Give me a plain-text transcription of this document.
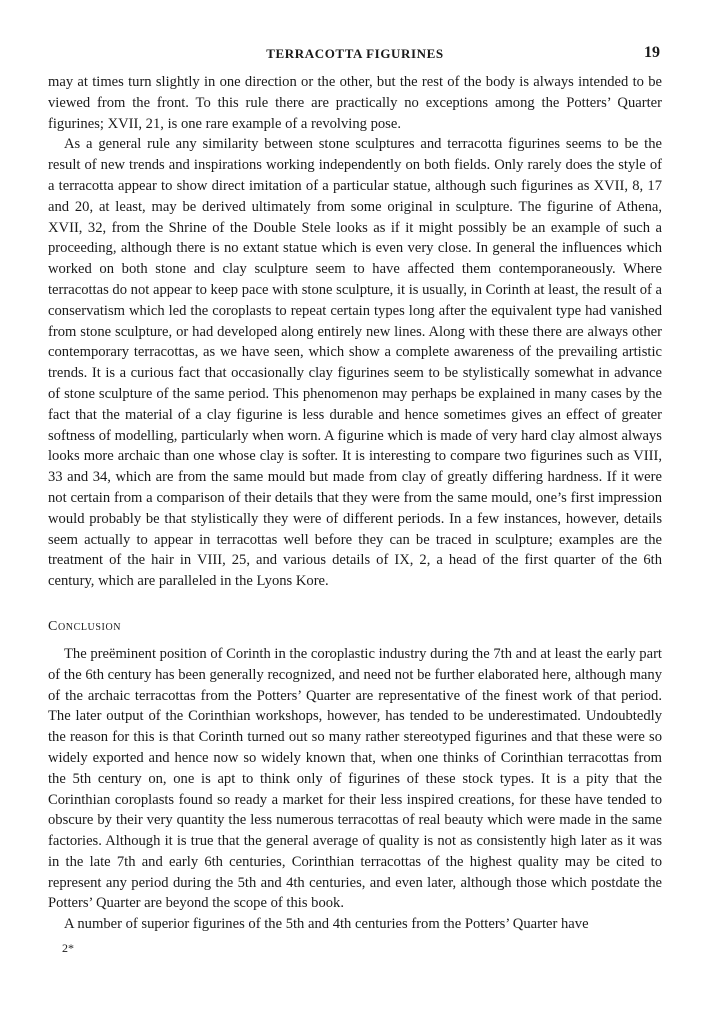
TERRACOTTA FIGURINES	19

may at times turn slightly in one direction or the other, but the rest of the body is always intended to be viewed from the front. To this rule there are practically no exceptions among the Potters’ Quarter figurines; XVII, 21, is one rare example of a revolving pose.

As a general rule any similarity between stone sculptures and terracotta figurines seems to be the result of new trends and inspirations working independently on both fields. Only rarely does the style of a terracotta appear to show direct imitation of a particular statue, although such figurines as XVII, 8, 17 and 20, at least, may be derived ultimately from some original in sculpture. The figurine of Athena, XVII, 32, from the Shrine of the Double Stele looks as if it might possibly be an example of such a proceeding, although there is no extant statue which is even very close. In general the influences which worked on both stone and clay sculpture seem to have affected them contemporaneously. Where terracottas do not appear to keep pace with stone sculpture, it is usually, in Corinth at least, the result of a conservatism which led the coroplasts to repeat certain types long after the equivalent type had vanished from stone sculpture, or had developed along entirely new lines. Along with these there are always other contemporary terracottas, as we have seen, which show a complete awareness of the prevailing artistic trends. It is a curious fact that occasionally clay figurines seem to be stylistically somewhat in advance of stone sculpture of the same period. This phenomenon may perhaps be explained in many cases by the fact that the material of a clay figurine is less durable and hence sometimes gives an effect of greater softness of modelling, particularly when worn. A figurine which is made of very hard clay almost always looks more archaic than one whose clay is softer. It is interesting to compare two figurines such as VIII, 33 and 34, which are from the same mould but made from clay of greatly differing hardness. If it were not certain from a comparison of their details that they were from the same mould, one’s first impression would probably be that stylistically they were of different periods. In a few instances, however, details seem actually to appear in terracottas well before they can be traced in sculpture; examples are the treatment of the hair in VIII, 25, and various details of IX, 2, a head of the first quarter of the 6th century, which are paralleled in the Lyons Kore.

Conclusion

The preëminent position of Corinth in the coroplastic industry during the 7th and at least the early part of the 6th century has been generally recognized, and need not be further elaborated here, although many of the archaic terracottas from the Potters’ Quarter are representative of the finest work of that period. The later output of the Corinthian workshops, however, has tended to be underestimated. Undoubtedly the reason for this is that Corinth turned out so many rather stereotyped figurines and that these were so widely exported and hence now so widely known that, when one thinks of Corinthian terracottas from the 5th century on, one is apt to think only of figurines of these stock types. It is a pity that the Corinthian coroplasts found so ready a market for their less inspired creations, for these have tended to obscure by their very quantity the less numerous terracottas of real beauty which were made in the same factories. Although it is true that the general average of quality is not as consistently high later as it was in the late 7th and early 6th centuries, Corinthian terracottas of the highest quality may be cited to represent any period during the 5th and 4th centuries, and even later, although those which postdate the Potters’ Quarter are beyond the scope of this book.

A number of superior figurines of the 5th and 4th centuries from the Potters’ Quarter have

2*
